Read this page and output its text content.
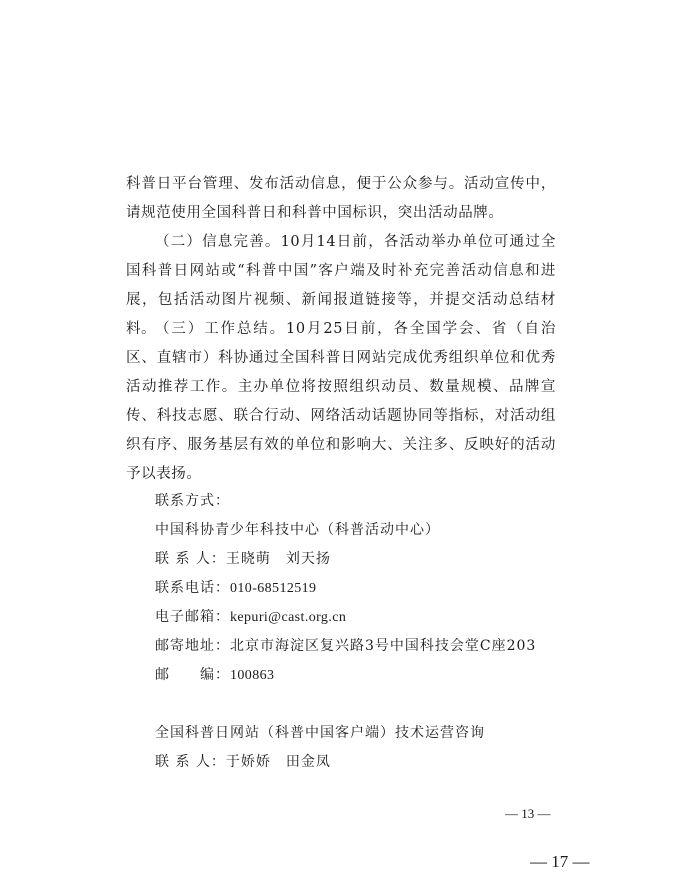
科普日平台管理、发布活动信息，便于公众参与。活动宣传中，请规范使用全国科普日和科普中国标识，突出活动品牌。
（二）信息完善。10月14日前，各活动举办单位可通过全国科普日网站或“科普中国”客户端及时补充完善活动信息和进展，包括活动图片视频、新闻报道链接等，并提交活动总结材料。
（三）工作总结。10月25日前，各全国学会、省（自治区、直辖市）科协通过全国科普日网站完成优秀组织单位和优秀活动推荐工作。主办单位将按照组织动员、数量规模、品牌宣传、科技志愿、联合行动、网络活动话题协同等指标，对活动组织有序、服务基层有效的单位和影响大、关注多、反映好的活动予以表扬。
联系方式：
中国科协青少年科技中心（科普活动中心）
联 系 人：王晓萌　刘天扬
联系电话：010-68512519
电子邮箱：kepuri@cast.org.cn
邮寄地址：北京市海淀区复兴路3号中国科技会堂C座203
邮　　编：100863
全国科普日网站（科普中国客户端）技术运营咨询
联 系 人：于娇娇　田金凤
— 13 —
— 17 —
